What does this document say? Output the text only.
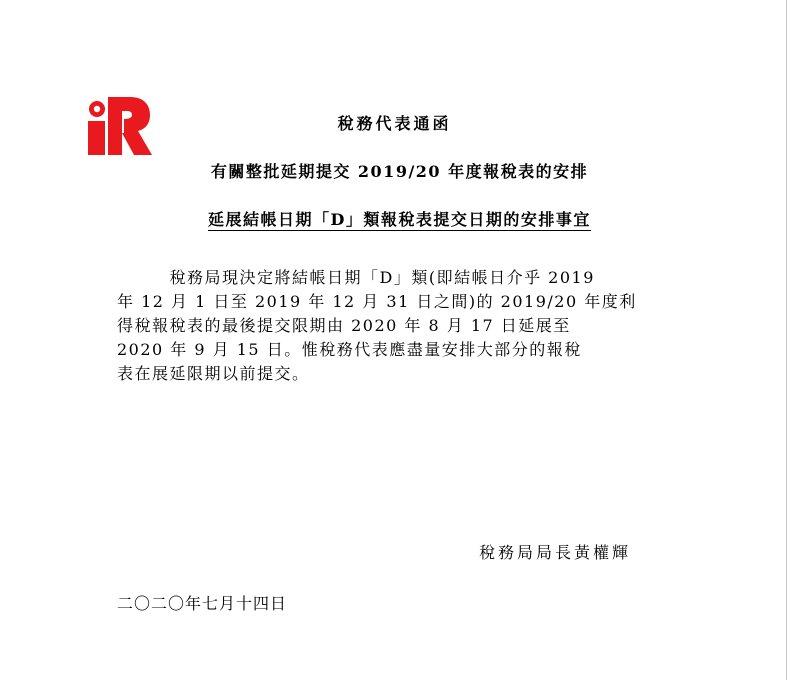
稅務代表通函
有關整批延期提交 2019/20 年度報稅表的安排
延展結帳日期「D」類報稅表提交日期的安排事宜
　　　稅務局現決定將結帳日期「D」類(即結帳日介乎 2019
年 12 月 1 日至 2019 年 12 月 31 日之間)的 2019/20 年度利
得稅報稅表的最後提交限期由 2020 年 8 月 17 日延展至
2020 年 9 月 15 日。惟稅務代表應盡量安排大部分的報稅
表在展延限期以前提交。
稅務局局長黃權輝
二〇二〇年七月十四日
